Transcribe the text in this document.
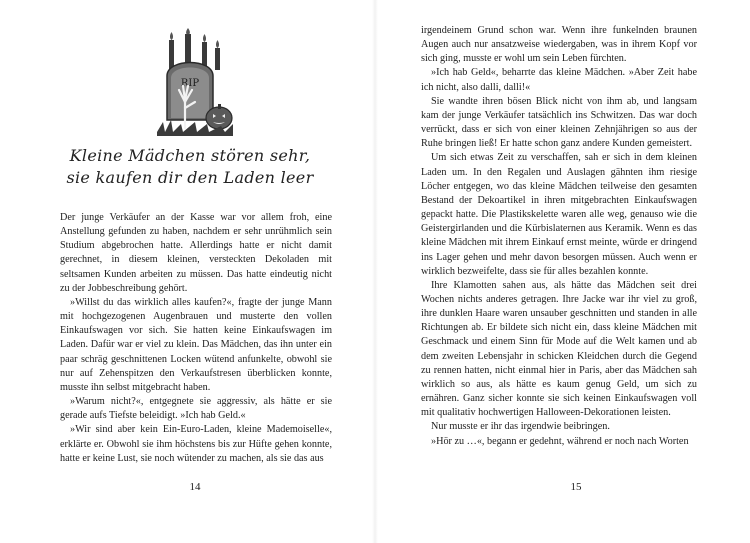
RIP
Kleine Mädchen stören sehr,
sie kaufen dir den Laden leer

Der junge Verkäufer an der Kasse war vor allem froh, eine Anstellung gefunden zu haben, nachdem er sehr unrühmlich sein Studium abgebrochen hatte. Allerdings hatte er nicht damit gerechnet, in diesem kleinen, versteckten Dekoladen mit seltsamen Kunden arbeiten zu müssen. Das hatte eindeutig nicht zu der Jobbeschreibung gehört.

»Willst du das wirklich alles kaufen?«, fragte der junge Mann mit hochgezogenen Augenbrauen und musterte den vollen Einkaufswagen vor sich. Sie hatten keine Einkaufswagen im Laden. Dafür war er viel zu klein. Das Mädchen, das ihn unter ein paar schräg geschnittenen Locken wütend anfunkelte, obwohl sie nur auf Zehenspitzen den Verkaufstresen überblicken konnte, musste ihn selbst mitgebracht haben.

»Warum nicht?«, entgegnete sie aggressiv, als hätte er sie gerade aufs Tiefste beleidigt. »Ich hab Geld.«

»Wir sind aber kein Ein-Euro-Laden, kleine Mademoiselle«, erklärte er. Obwohl sie ihm höchstens bis zur Hüfte gehen konnte, hatte er keine Lust, sie noch wütender zu machen, als sie das aus

14

irgendeinem Grund schon war. Wenn ihre funkelnden braunen Augen auch nur ansatzweise wiedergaben, was in ihrem Kopf vor sich ging, musste er wohl um sein Leben fürchten.

»Ich hab Geld«, beharrte das kleine Mädchen. »Aber Zeit habe ich nicht, also dalli, dalli!«

Sie wandte ihren bösen Blick nicht von ihm ab, und langsam kam der junge Verkäufer tatsächlich ins Schwitzen. Das war doch verrückt, dass er sich von einer kleinen Zehnjährigen so aus der Ruhe bringen ließ! Er hatte schon ganz andere Kunden gemeistert.

Um sich etwas Zeit zu verschaffen, sah er sich in dem kleinen Laden um. In den Regalen und Auslagen gähnten ihm riesige Löcher entgegen, wo das kleine Mädchen teilweise den gesamten Bestand der Dekoartikel in ihren mitgebrachten Einkaufswagen gepackt hatte. Die Plastikskelette waren alle weg, genauso wie die Geistergirlanden und die Kürbislaternen aus Keramik. Wenn es das kleine Mädchen mit ihrem Einkauf ernst meinte, würde er dringend ins Lager gehen und mehr davon besorgen müssen. Auch wenn er wirklich bezweifelte, dass sie für alles bezahlen konnte.

Ihre Klamotten sahen aus, als hätte das Mädchen seit drei Wochen nichts anderes getragen. Ihre Jacke war ihr viel zu groß, ihre dunklen Haare waren unsauber geschnitten und standen in alle Richtungen ab. Er bildete sich nicht ein, dass kleine Mädchen mit Geschmack und einem Sinn für Mode auf die Welt kamen und ab dem zweiten Lebensjahr in schicken Kleidchen durch die Gegend zu rennen hatten, nicht einmal hier in Paris, aber das Mädchen sah wirklich so aus, als hätte es kaum genug Geld, um sich zu ernähren. Ganz sicher konnte sie sich keinen Einkaufswagen voll mit qualitativ hochwertigen Halloween-Dekorationen leisten.

Nur musste er ihr das irgendwie beibringen.

»Hör zu …«, begann er gedehnt, während er noch nach Worten

15
